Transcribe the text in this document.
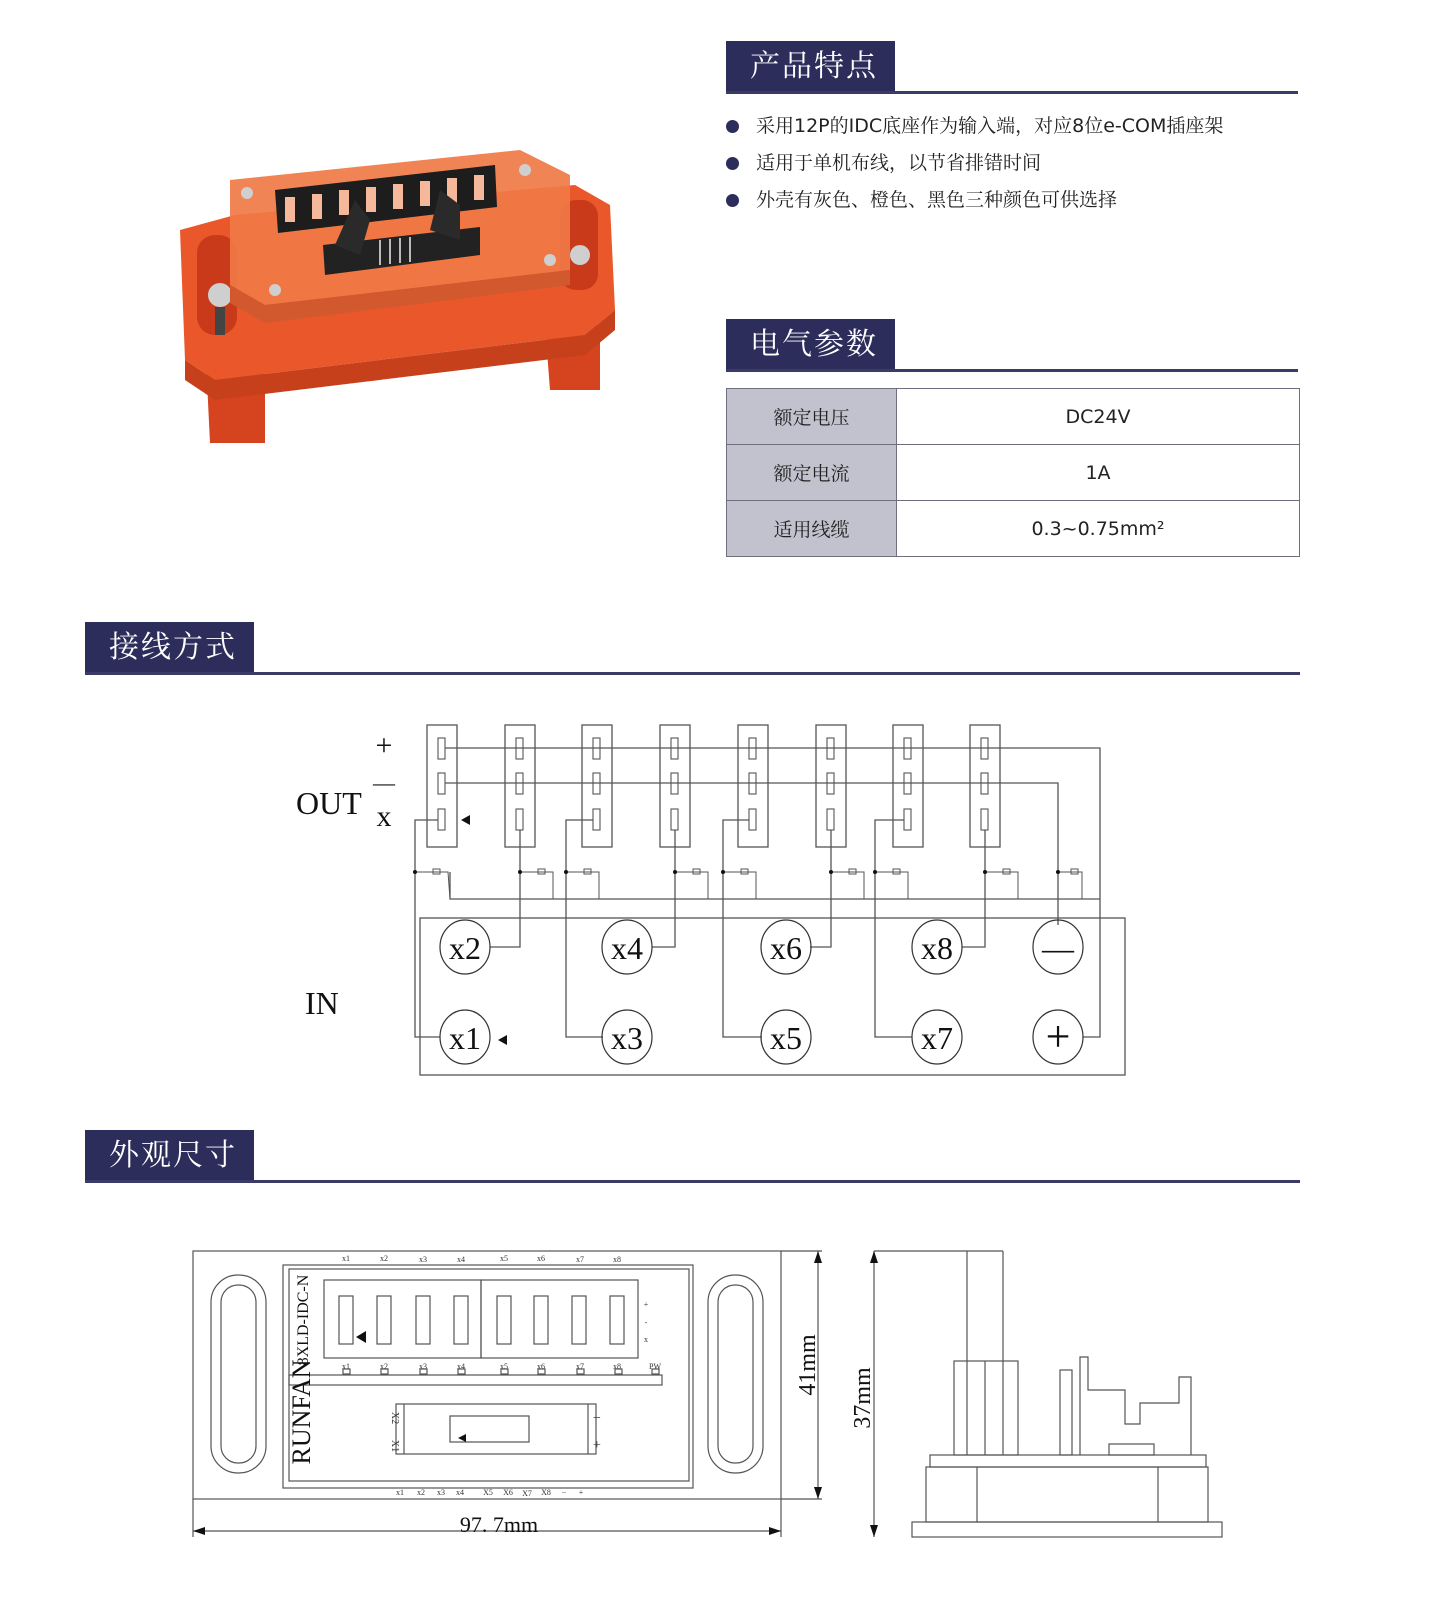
产品特点
采用12P的IDC底座作为输入端，对应8位e-COM插座架
适用于单机布线，以节省排错时间
外壳有灰色、橙色、黑色三种颜色可供选择
电气参数
额定电压	DC24V
额定电流	1A
适用线缆	0.3~0.75mm²
接线方式
OUT
IN
+
—
x
x2	x4	x6	x8	—
x1	x3	x5	x7 +
外观尺寸
x1	x2	x3	x4	x5	x6	x7	x8
x1	x2	x3	x4	x5	x6	x7	x8	PW
+
-
x
x1 x2 x3 x4 X5 X6 X7 X8 − +
−
+
X2
X1
8XLD-IDC-N
RUNFAN
97. 7mm
41mm
37mm
